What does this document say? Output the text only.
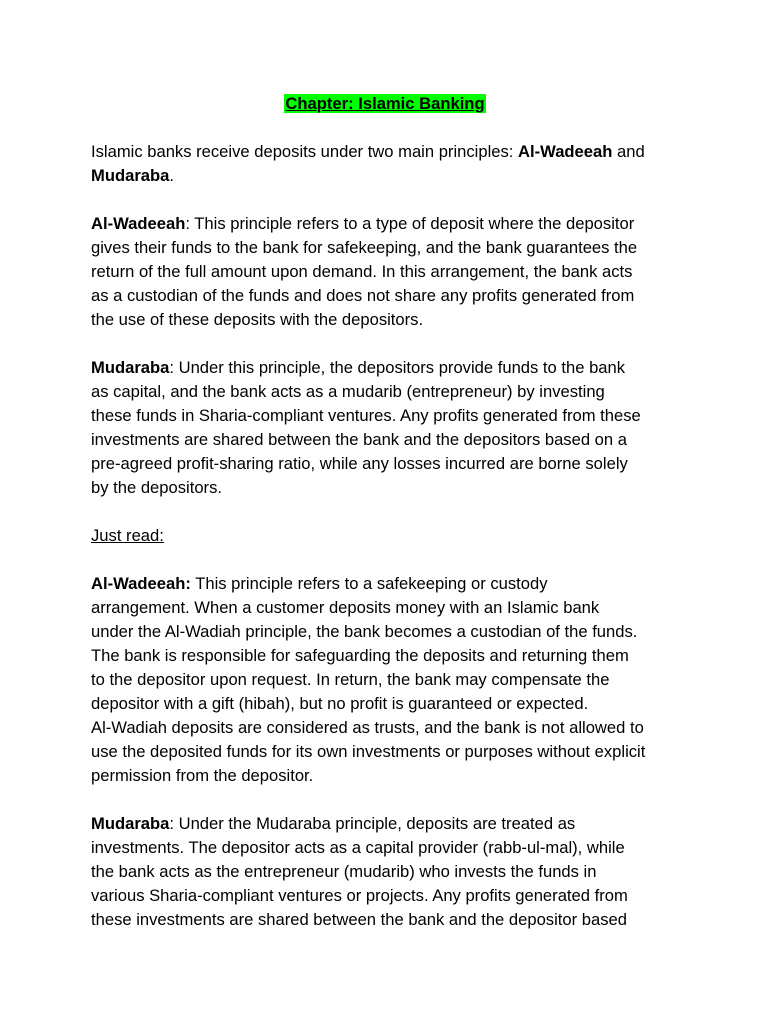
Chapter: Islamic Banking

Islamic banks receive deposits under two main principles: Al-Wadeeah and
Mudaraba.

Al-Wadeeah: This principle refers to a type of deposit where the depositor
gives their funds to the bank for safekeeping, and the bank guarantees the
return of the full amount upon demand. In this arrangement, the bank acts
as a custodian of the funds and does not share any profits generated from
the use of these deposits with the depositors.

Mudaraba: Under this principle, the depositors provide funds to the bank
as capital, and the bank acts as a mudarib (entrepreneur) by investing
these funds in Sharia-compliant ventures. Any profits generated from these
investments are shared between the bank and the depositors based on a
pre-agreed profit-sharing ratio, while any losses incurred are borne solely
by the depositors.

Just read:

Al-Wadeeah: This principle refers to a safekeeping or custody
arrangement. When a customer deposits money with an Islamic bank
under the Al-Wadiah principle, the bank becomes a custodian of the funds.
The bank is responsible for safeguarding the deposits and returning them
to the depositor upon request. In return, the bank may compensate the
depositor with a gift (hibah), but no profit is guaranteed or expected.
Al-Wadiah deposits are considered as trusts, and the bank is not allowed to
use the deposited funds for its own investments or purposes without explicit
permission from the depositor.

Mudaraba: Under the Mudaraba principle, deposits are treated as
investments. The depositor acts as a capital provider (rabb-ul-mal), while
the bank acts as the entrepreneur (mudarib) who invests the funds in
various Sharia-compliant ventures or projects. Any profits generated from
these investments are shared between the bank and the depositor based
